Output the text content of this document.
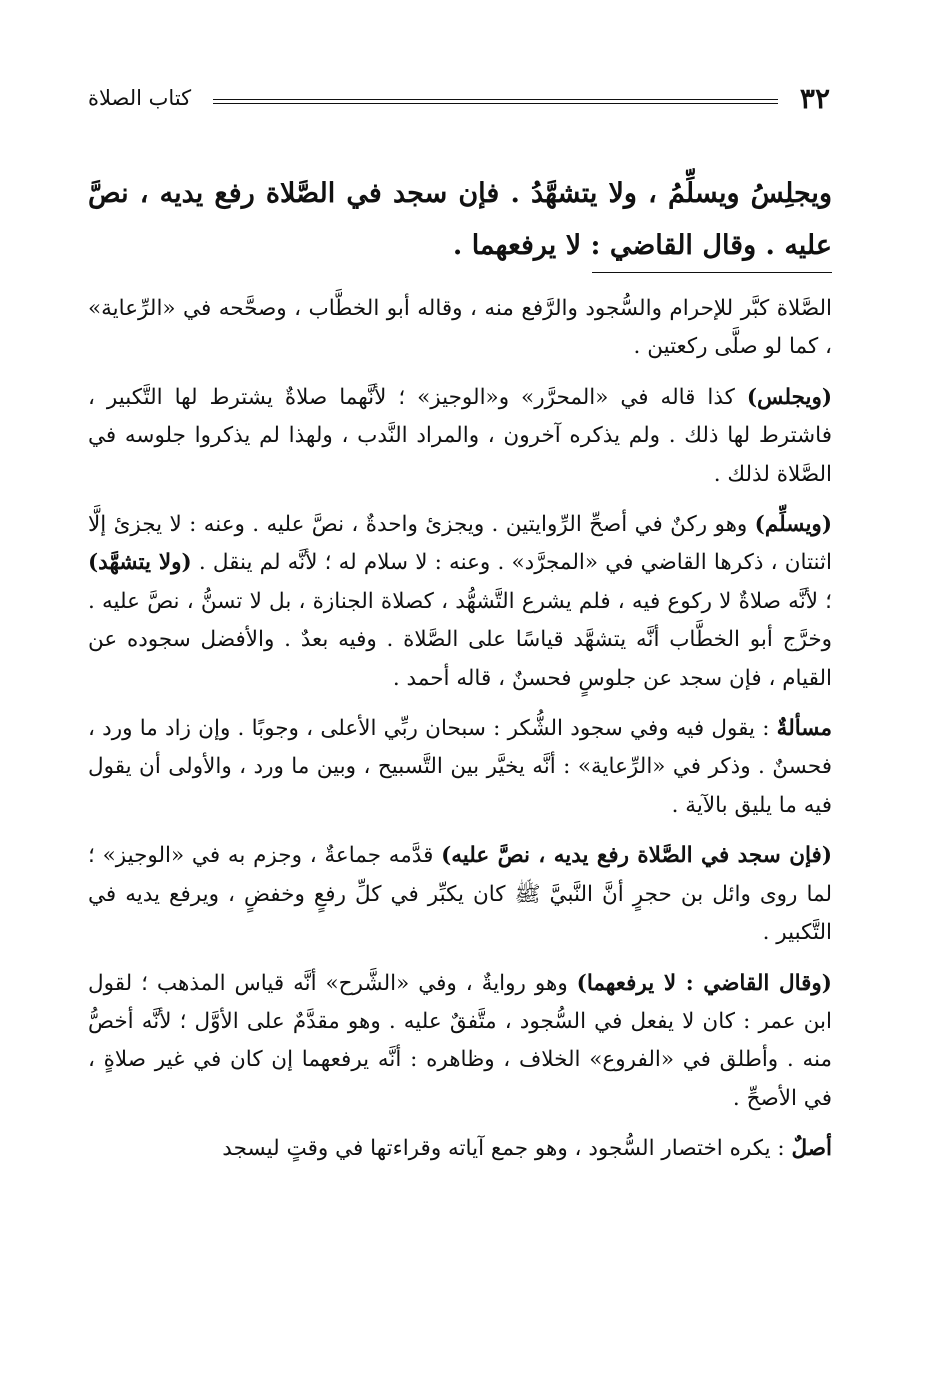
٣٢
كتاب الصلاة
ويجلِسُ ويسلِّمُ ، ولا يتشهَّدُ . فإن سجد في الصَّلاة رفع يديه ، نصَّ عليه . وقال القاضي : لا يرفعهما .

الصَّلاة كبَّر للإحرام والسُّجود والرَّفع منه ، وقاله أبو الخطَّاب ، وصحَّحه في «الرِّعاية» ، كما لو صلَّى ركعتين .

(ويجلس) كذا قاله في «المحرَّر» و«الوجيز» ؛ لأنَّهما صلاةٌ يشترط لها التَّكبير ، فاشترط لها ذلك . ولم يذكره آخرون ، والمراد النَّدب ، ولهذا لم يذكروا جلوسه في الصَّلاة لذلك .

(ويسلِّم) وهو ركنٌ في أصحِّ الرِّوايتين . ويجزئ واحدةٌ ، نصَّ عليه . وعنه : لا يجزئ إلَّا اثنتان ، ذكرها القاضي في «المجرَّد» . وعنه : لا سلام له ؛ لأنَّه لم ينقل . (ولا يتشهَّد) ؛ لأنَّه صلاةٌ لا ركوع فيه ، فلم يشرع التَّشهُّد ، كصلاة الجنازة ، بل لا تسنُّ ، نصَّ عليه . وخرَّج أبو الخطَّاب أنَّه يتشهَّد قياسًا على الصَّلاة . وفيه بعدٌ . والأفضل سجوده عن القيام ، فإن سجد عن جلوسٍ فحسنٌ ، قاله أحمد .

مسألةٌ : يقول فيه وفي سجود الشُّكر : سبحان ربِّي الأعلى ، وجوبًا . وإن زاد ما ورد ، فحسنٌ . وذكر في «الرِّعاية» : أنَّه يخيَّر بين التَّسبيح ، وبين ما ورد ، والأولى أن يقول فيه ما يليق بالآية .

(فإن سجد في الصَّلاة رفع يديه ، نصَّ عليه) قدَّمه جماعةٌ ، وجزم به في «الوجيز» ؛ لما روى وائل بن حجرٍ أنَّ النَّبيَّ ﷺ كان يكبِّر في كلِّ رفعٍ وخفضٍ ، ويرفع يديه في التَّكبير .

(وقال القاضي : لا يرفعهما) وهو روايةٌ ، وفي «الشَّرح» أنَّه قياس المذهب ؛ لقول ابن عمر : كان لا يفعل في السُّجود ، متَّفقٌ عليه . وهو مقدَّمٌ على الأوَّل ؛ لأنَّه أخصُّ منه . وأطلق في «الفروع» الخلاف ، وظاهره : أنَّه يرفعهما إن كان في غير صلاةٍ ، في الأصحِّ .

أصلٌ : يكره اختصار السُّجود ، وهو جمع آياته وقراءتها في وقتٍ ليسجد
